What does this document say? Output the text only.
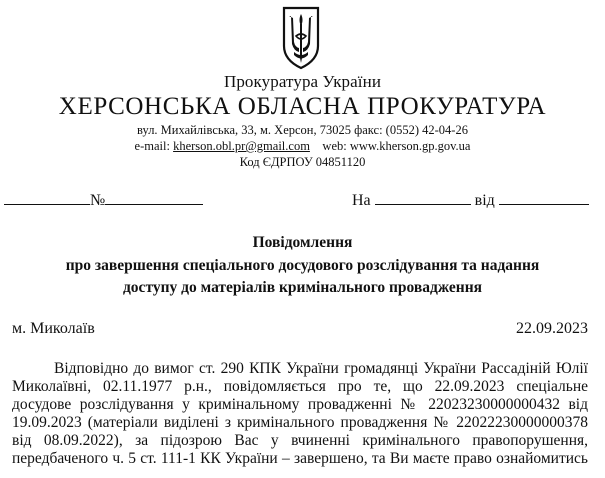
Прокуратура України
ХЕРСОНСЬКА ОБЛАСНА ПРОКУРАТУРА
вул. Михайлівська, 33, м. Херсон, 73025 факс: (0552) 42-04-26
e-mail: kherson.obl.pr@gmail.com web: www.kherson.gp.gov.ua
Код ЄДРПОУ 04851120
№	На	від
Повідомлення
про завершення спеціального досудового розслідування та надання
доступу до матеріалів кримінального провадження
м. Миколаїв	22.09.2023
Відповідно до вимог ст. 290 КПК України громадянці України Рассадіній Юлії
Миколаївні, 02.11.1977 р.н., повідомляється про те, що 22.09.2023 спеціальне
досудове розслідування у кримінальному провадженні № 22023230000000432 від
19.09.2023 (матеріали виділені з кримінального провадження № 22022230000000378
від 08.09.2022), за підозрою Вас у вчиненні кримінального правопорушення,
передбаченого ч. 5 ст. 111-1 КК України – завершено, та Ви маєте право ознайомитись
